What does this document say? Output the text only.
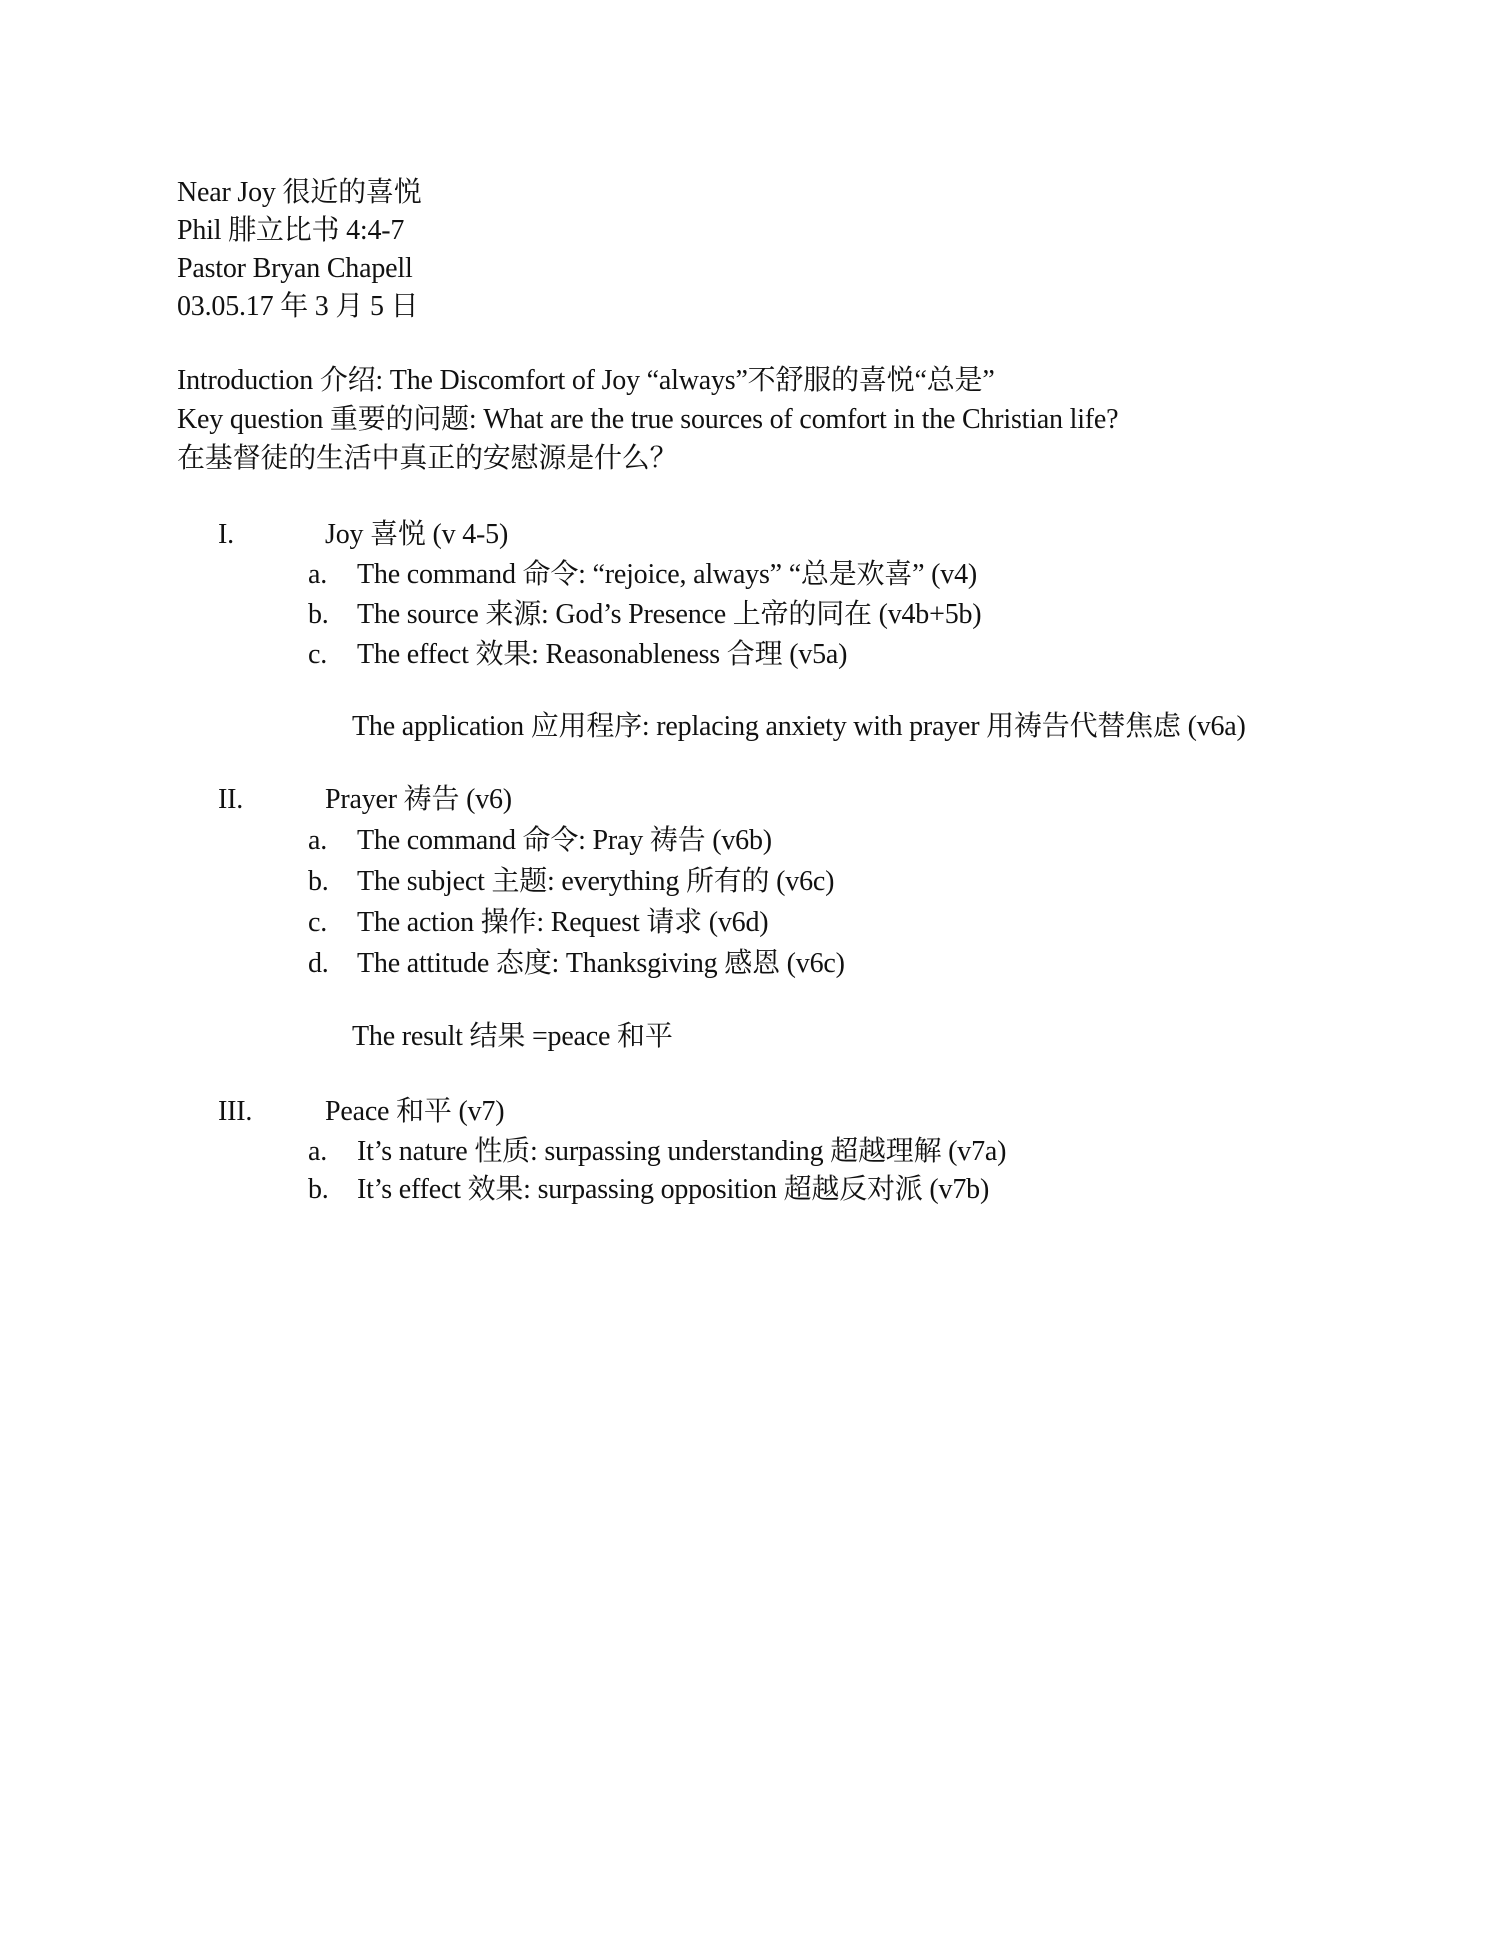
Near Joy 很近的喜悦
Phil 腓立比书 4:4-7
Pastor Bryan Chapell
03.05.17 年 3 月 5 日
Introduction 介绍: The Discomfort of Joy “always”不舒服的喜悦“总是”
Key question 重要的问题: What are the true sources of comfort in the Christian life?
在基督徒的生活中真正的安慰源是什么？
I.	Joy 喜悦 (v 4-5)
a. The command 命令: “rejoice, always” “总是欢喜” (v4)
b. The source 来源: God’s Presence 上帝的同在 (v4b+5b)
c. The effect 效果: Reasonableness 合理 (v5a)
The application 应用程序: replacing anxiety with prayer 用祷告代替焦虑 (v6a)
II.	Prayer 祷告 (v6)
a. The command 命令: Pray 祷告 (v6b)
b. The subject 主题: everything 所有的 (v6c)
c. The action 操作: Request 请求 (v6d)
d. The attitude 态度: Thanksgiving 感恩 (v6c)
The result 结果 =peace 和平
III.	Peace 和平 (v7)
a. It’s nature 性质: surpassing understanding 超越理解 (v7a)
b. It’s effect 效果: surpassing opposition 超越反对派 (v7b)
